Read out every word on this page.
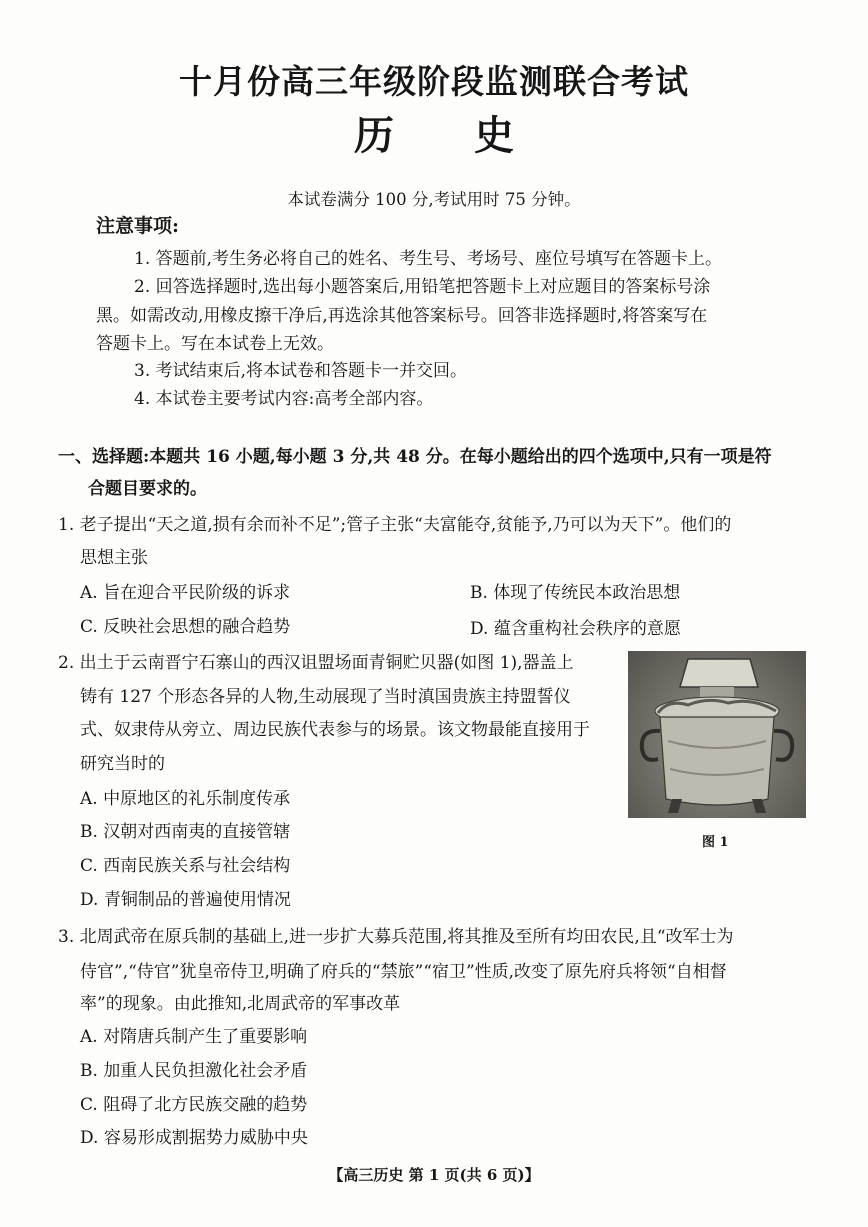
十月份高三年级阶段监测联合考试
历史
本试卷满分 100 分,考试用时 75 分钟。
注意事项:
1. 答题前,考生务必将自己的姓名、考生号、考场号、座位号填写在答题卡上。
2. 回答选择题时,选出每小题答案后,用铅笔把答题卡上对应题目的答案标号涂
黑。如需改动,用橡皮擦干净后,再选涂其他答案标号。回答非选择题时,将答案写在
答题卡上。写在本试卷上无效。
3. 考试结束后,将本试卷和答题卡一并交回。
4. 本试卷主要考试内容:高考全部内容。
一、选择题:本题共 16 小题,每小题 3 分,共 48 分。在每小题给出的四个选项中,只有一项是符
合题目要求的。
1. 老子提出“天之道,损有余而补不足”;管子主张“夫富能夺,贫能予,乃可以为天下”。他们的
思想主张
A. 旨在迎合平民阶级的诉求	B. 体现了传统民本政治思想
C. 反映社会思想的融合趋势	D. 蕴含重构社会秩序的意愿
2. 出土于云南晋宁石寨山的西汉诅盟场面青铜贮贝器(如图 1),器盖上
铸有 127 个形态各异的人物,生动展现了当时滇国贵族主持盟誓仪
式、奴隶侍从旁立、周边民族代表参与的场景。该文物最能直接用于
研究当时的
A. 中原地区的礼乐制度传承
B. 汉朝对西南夷的直接管辖
C. 西南民族关系与社会结构
D. 青铜制品的普遍使用情况
图 1
3. 北周武帝在原兵制的基础上,进一步扩大募兵范围,将其推及至所有均田农民,且“改军士为
侍官”,“侍官”犹皇帝侍卫,明确了府兵的“禁旅”“宿卫”性质,改变了原先府兵将领“自相督
率”的现象。由此推知,北周武帝的军事改革
A. 对隋唐兵制产生了重要影响
B. 加重人民负担激化社会矛盾
C. 阻碍了北方民族交融的趋势
D. 容易形成割据势力威胁中央
【高三历史 第 1 页(共 6 页)】
